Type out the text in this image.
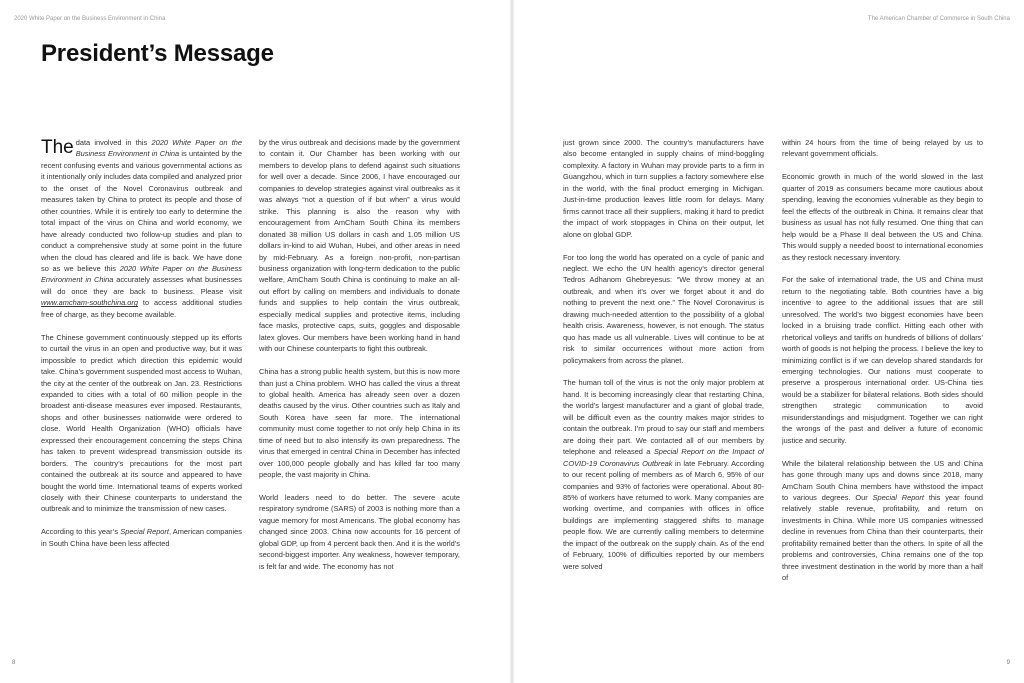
2020 White Paper on the Business Environment in China
President’s Message

The data involved in this 2020 White Paper on the Business Environment in China is untainted by the recent confusing events and various governmental actions as it intentionally only includes data compiled and analyzed prior to the onset of the Novel Coronavirus outbreak and measures taken by China to protect its people and those of other countries. While it is entirely too early to determine the total impact of the virus on China and world economy, we have already conducted two follow-up studies and plan to conduct a comprehensive study at some point in the future when the cloud has cleared and life is back. We have done so as we believe this 2020 White Paper on the Business Environment in China accurately assesses what businesses will do once they are back to business. Please visit www.amcham-southchina.org to access additional studies free of charge, as they become available.

The Chinese government continuously stepped up its efforts to curtail the virus in an open and productive way, but it was impossible to predict which direction this epidemic would take. China’s government suspended most access to Wuhan, the city at the center of the outbreak on Jan. 23. Restrictions expanded to cities with a total of 60 million people in the broadest anti-disease measures ever imposed. Restaurants, shops and other businesses nationwide were ordered to close. World Health Organization (WHO) officials have expressed their encouragement concerning the steps China has taken to prevent widespread transmission outside its borders. The country’s precautions for the most part contained the outbreak at its source and appeared to have bought the world time. International teams of experts worked closely with their Chinese counterparts to understand the outbreak and to minimize the transmission of new cases.

According to this year’s Special Report, American companies in South China have been less affected

by the virus outbreak and decisions made by the government to contain it. Our Chamber has been working with our members to develop plans to defend against such situations for well over a decade. Since 2006, I have encouraged our companies to develop strategies against viral outbreaks as it was always “not a question of if but when” a virus would strike. This planning is also the reason why with encouragement from AmCham South China its members donated 38 million US dollars in cash and 1.05 million US dollars in-kind to aid Wuhan, Hubei, and other areas in need by mid-February. As a foreign non-profit, non-partisan business organization with long-term dedication to the public welfare, AmCham South China is continuing to make an all-out effort by calling on members and individuals to donate funds and supplies to help contain the virus outbreak, especially medical supplies and protective items, including face masks, protective caps, suits, goggles and disposable latex gloves. Our members have been working hand in hand with our Chinese counterparts to fight this outbreak.

China has a strong public health system, but this is now more than just a China problem. WHO has called the virus a threat to global health. America has already seen over a dozen deaths caused by the virus. Other countries such as Italy and South Korea have seen far more. The international community must come together to not only help China in its time of need but to also intensify its own preparedness. The virus that emerged in central China in December has infected over 100,000 people globally and has killed far too many people, the vast majority in China.

World leaders need to do better. The severe acute respiratory syndrome (SARS) of 2003 is nothing more than a vague memory for most Americans. The global economy has changed since 2003. China now accounts for 16 percent of global GDP, up from 4 percent back then. And it is the world’s second-biggest importer. Any weakness, however temporary, is felt far and wide. The economy has not

8
The American Chamber of Commerce in South China

just grown since 2000. The country’s manufacturers have also become entangled in supply chains of mind-boggling complexity. A factory in Wuhan may provide parts to a firm in Guangzhou, which in turn supplies a factory somewhere else in the world, with the final product emerging in Michigan. Just-in-time production leaves little room for delays. Many firms cannot trace all their suppliers, making it hard to predict the impact of work stoppages in China on their output, let alone on global GDP.

For too long the world has operated on a cycle of panic and neglect. We echo the UN health agency’s director general Tedros Adhanom Ghebreyesus: “We throw money at an outbreak, and when it’s over we forget about it and do nothing to prevent the next one.” The Novel Coronavirus is drawing much-needed attention to the possibility of a global health crisis. Awareness, however, is not enough. The status quo has made us all vulnerable. Lives will continue to be at risk to similar occurrences without more action from policymakers from across the planet.

The human toll of the virus is not the only major problem at hand. It is becoming increasingly clear that restarting China, the world’s largest manufacturer and a giant of global trade, will be difficult even as the country makes major strides to contain the outbreak. I’m proud to say our staff and members are doing their part. We contacted all of our members by telephone and released a Special Report on the Impact of COVID-19 Coronavirus Outbreak in late February. According to our recent polling of members as of March 6, 95% of our companies and 93% of factories were operational. About 80-85% of workers have returned to work. Many companies are working overtime, and companies with offices in office buildings are implementing staggered shifts to manage people flow. We are currently calling members to determine the impact of the outbreak on the supply chain. As of the end of February, 100% of difficulties reported by our members were solved

within 24 hours from the time of being relayed by us to relevant government officials.

Economic growth in much of the world slowed in the last quarter of 2019 as consumers became more cautious about spending, leaving the economies vulnerable as they begin to feel the effects of the outbreak in China. It remains clear that business as usual has not fully resumed. One thing that can help would be a Phase II deal between the US and China. This would supply a needed boost to international economies as they restock necessary inventory.

For the sake of international trade, the US and China must return to the negotiating table. Both countries have a big incentive to agree to the additional issues that are still unresolved. The world’s two biggest economies have been locked in a bruising trade conflict. Hitting each other with rhetorical volleys and tariffs on hundreds of billions of dollars’ worth of goods is not helping the process. I believe the key to minimizing conflict is if we can develop shared standards for emerging technologies. Our nations must cooperate to preserve a prosperous international order. US-China ties would be a stabilizer for bilateral relations. Both sides should strengthen strategic communication to avoid misunderstandings and misjudgment. Together we can right the wrongs of the past and deliver a future of economic justice and security.

While the bilateral relationship between the US and China has gone through many ups and downs since 2018, many AmCham South China members have withstood the impact to various degrees. Our Special Report this year found relatively stable revenue, profitability, and return on investments in China. While more US companies witnessed decline in revenues from China than their counterparts, their profitability remained better than the others. In spite of all the problems and controversies, China remains one of the top three investment destination in the world by more than a half of

9
